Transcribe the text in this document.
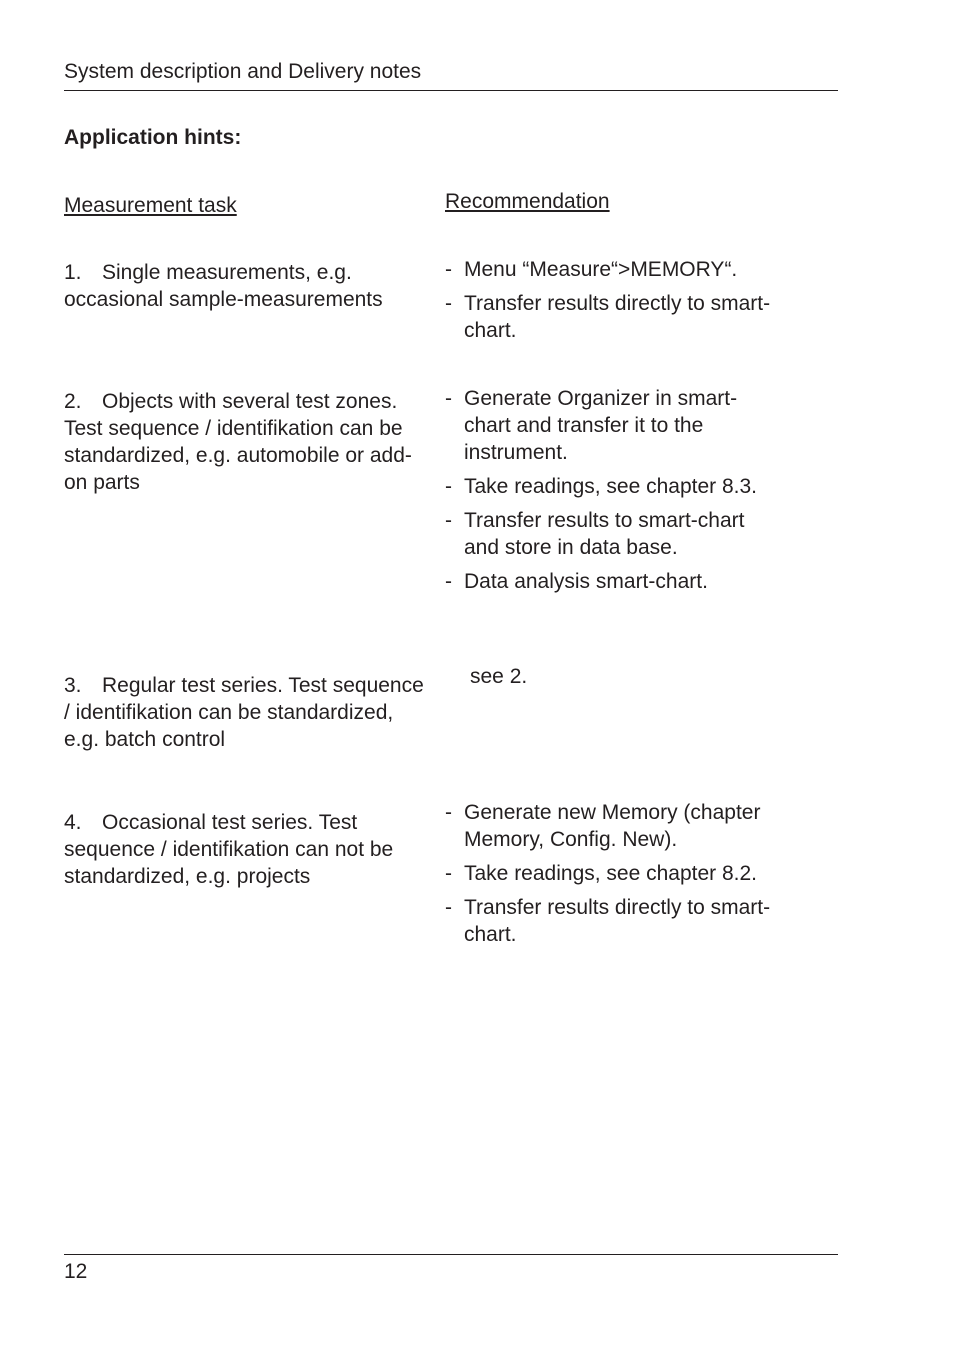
System description and Delivery notes
Application hints:
Measurement task	Recommendation
1. Single measurements, e.g. occasional sample-measurements
- Menu “Measure“>MEMORY“.
- Transfer results directly to smart-chart.
2. Objects with several test zones. Test sequence / identifikation can be standardized, e.g. automobile or add-on parts
- Generate Organizer in smart-chart and transfer it to the instrument.
- Take readings, see chapter 8.3.
- Transfer results to smart-chart and store in data base.
- Data analysis smart-chart.
3. Regular test series. Test sequence / identifikation can be standardized, e.g. batch control
see 2.
4. Occasional test series. Test sequence / identifikation can not be standardized, e.g. projects
- Generate new Memory (chapter Memory, Config. New).
- Take readings, see chapter 8.2.
- Transfer results directly to smart-chart.
12
